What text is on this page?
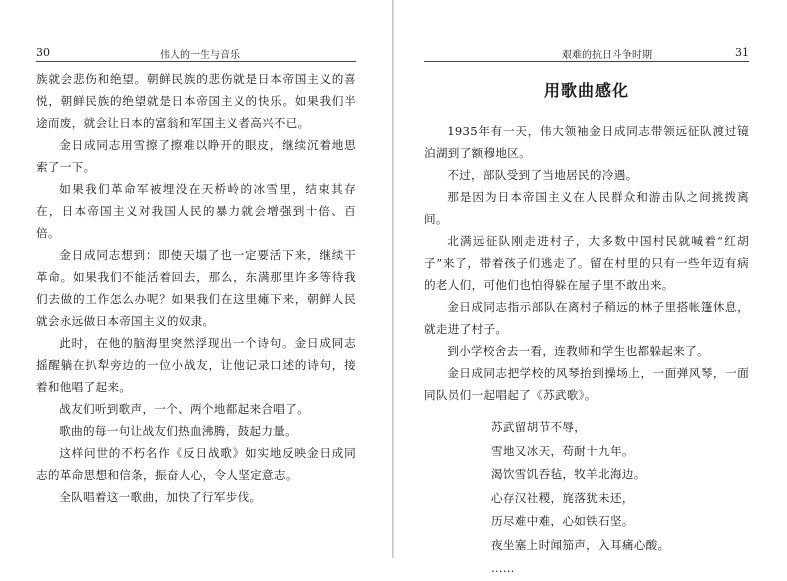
30	伟人的一生与音乐

族就会悲伤和绝望。朝鲜民族的悲伤就是日本帝国主义的喜悦，朝鲜民族的绝望就是日本帝国主义的快乐。如果我们半途而废，就会让日本的富翁和军国主义者高兴不已。

金日成同志用雪擦了擦难以睁开的眼皮，继续沉着地思索了一下。

如果我们革命军被埋没在天桥岭的冰雪里，结束其存在，日本帝国主义对我国人民的暴力就会增强到十倍、百倍。

金日成同志想到：即使天塌了也一定要活下来，继续干革命。如果我们不能活着回去，那么，东满那里许多等待我们去做的工作怎么办呢？如果我们在这里瘫下来，朝鲜人民就会永远做日本帝国主义的奴隶。

此时，在他的脑海里突然浮现出一个诗句。金日成同志摇醒躺在扒犁旁边的一位小战友，让他记录口述的诗句，接着和他唱了起来。

战友们听到歌声，一个、两个地都起来合唱了。

歌曲的每一句让战友们热血沸腾，鼓起力量。

这样问世的不朽名作《反日战歌》如实地反映金日成同志的革命思想和信条，振奋人心，令人坚定意志。

全队唱着这一歌曲，加快了行军步伐。

艰难的抗日斗争时期	31
用歌曲感化

1935年有一天，伟大领袖金日成同志带领远征队渡过镜泊湖到了额穆地区。

不过，部队受到了当地居民的冷遇。

那是因为日本帝国主义在人民群众和游击队之间挑拨离间。

北满远征队刚走进村子，大多数中国村民就喊着“红胡子”来了，带着孩子们逃走了。留在村里的只有一些年迈有病的老人们，可他们也怕得躲在屋子里不敢出来。

金日成同志指示部队在离村子稍远的林子里搭帐篷休息，就走进了村子。

到小学校舍去一看，连教师和学生也都躲起来了。

金日成同志把学校的风琴抬到操场上，一面弹风琴，一面同队员们一起唱起了《苏武歌》。

苏武留胡节不辱，
雪地又冰天，苟耐十九年。
渴饮雪饥吞毡，牧羊北海边。
心存汉社稷，旄落犹未还，
历尽难中难，心如铁石坚。
夜坐塞上时闻笳声，入耳痛心酸。
……
